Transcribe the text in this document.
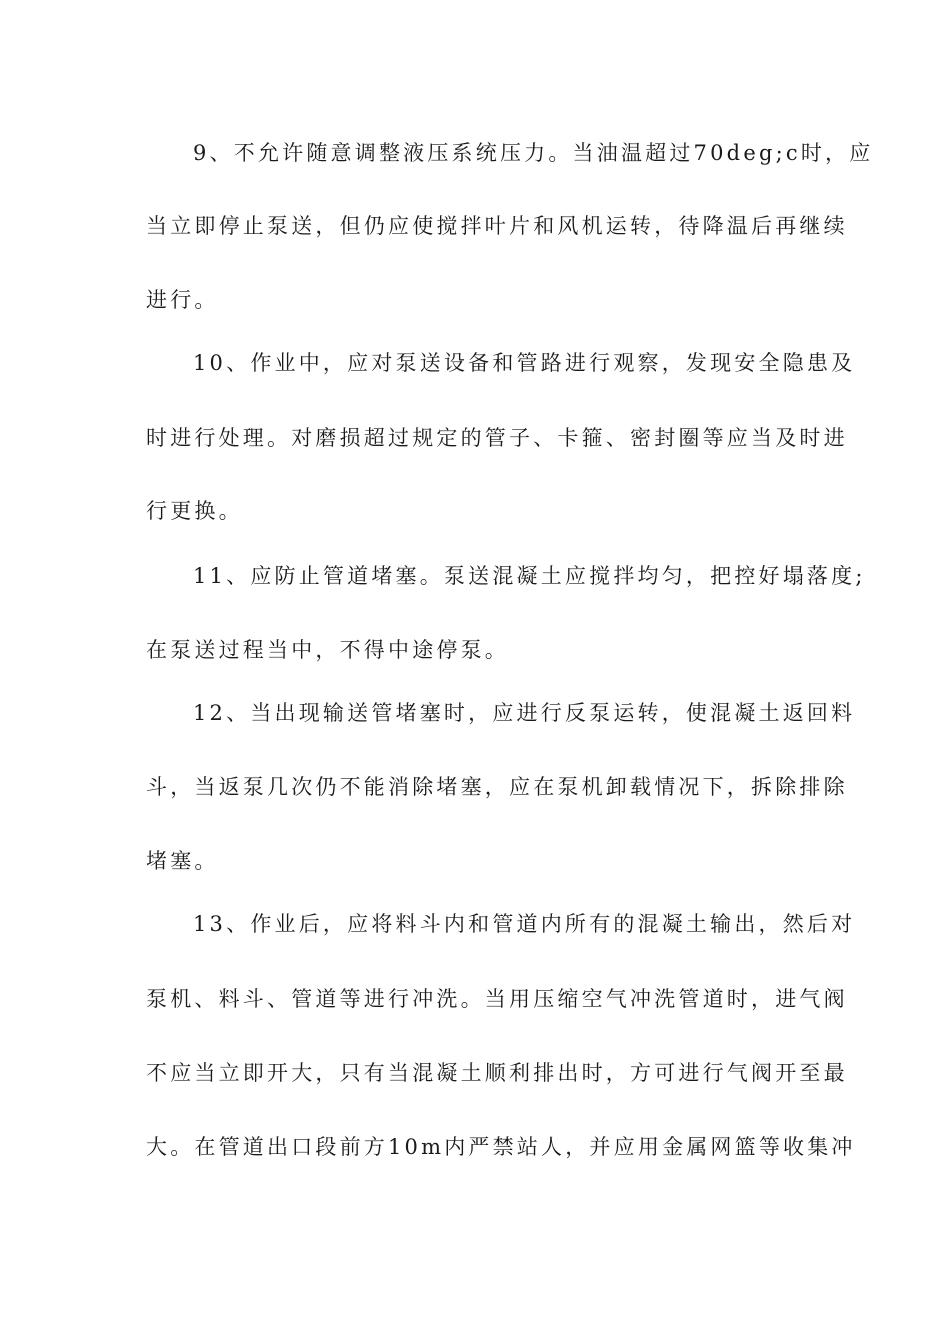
9、不允许随意调整液压系统压力。当油温超过70deg;c时，应
当立即停止泵送，但仍应使搅拌叶片和风机运转，待降温后再继续
进行。
10、作业中，应对泵送设备和管路进行观察，发现安全隐患及
时进行处理。对磨损超过规定的管子、卡箍、密封圈等应当及时进
行更换。
11、应防止管道堵塞。泵送混凝土应搅拌均匀，把控好塌落度;
在泵送过程当中，不得中途停泵。
12、当出现输送管堵塞时，应进行反泵运转，使混凝土返回料
斗，当返泵几次仍不能消除堵塞，应在泵机卸载情况下，拆除排除
堵塞。
13、作业后，应将料斗内和管道内所有的混凝土输出，然后对
泵机、料斗、管道等进行冲洗。当用压缩空气冲洗管道时，进气阀
不应当立即开大，只有当混凝土顺利排出时，方可进行气阀开至最
大。在管道出口段前方10m内严禁站人，并应用金属网篮等收集冲
